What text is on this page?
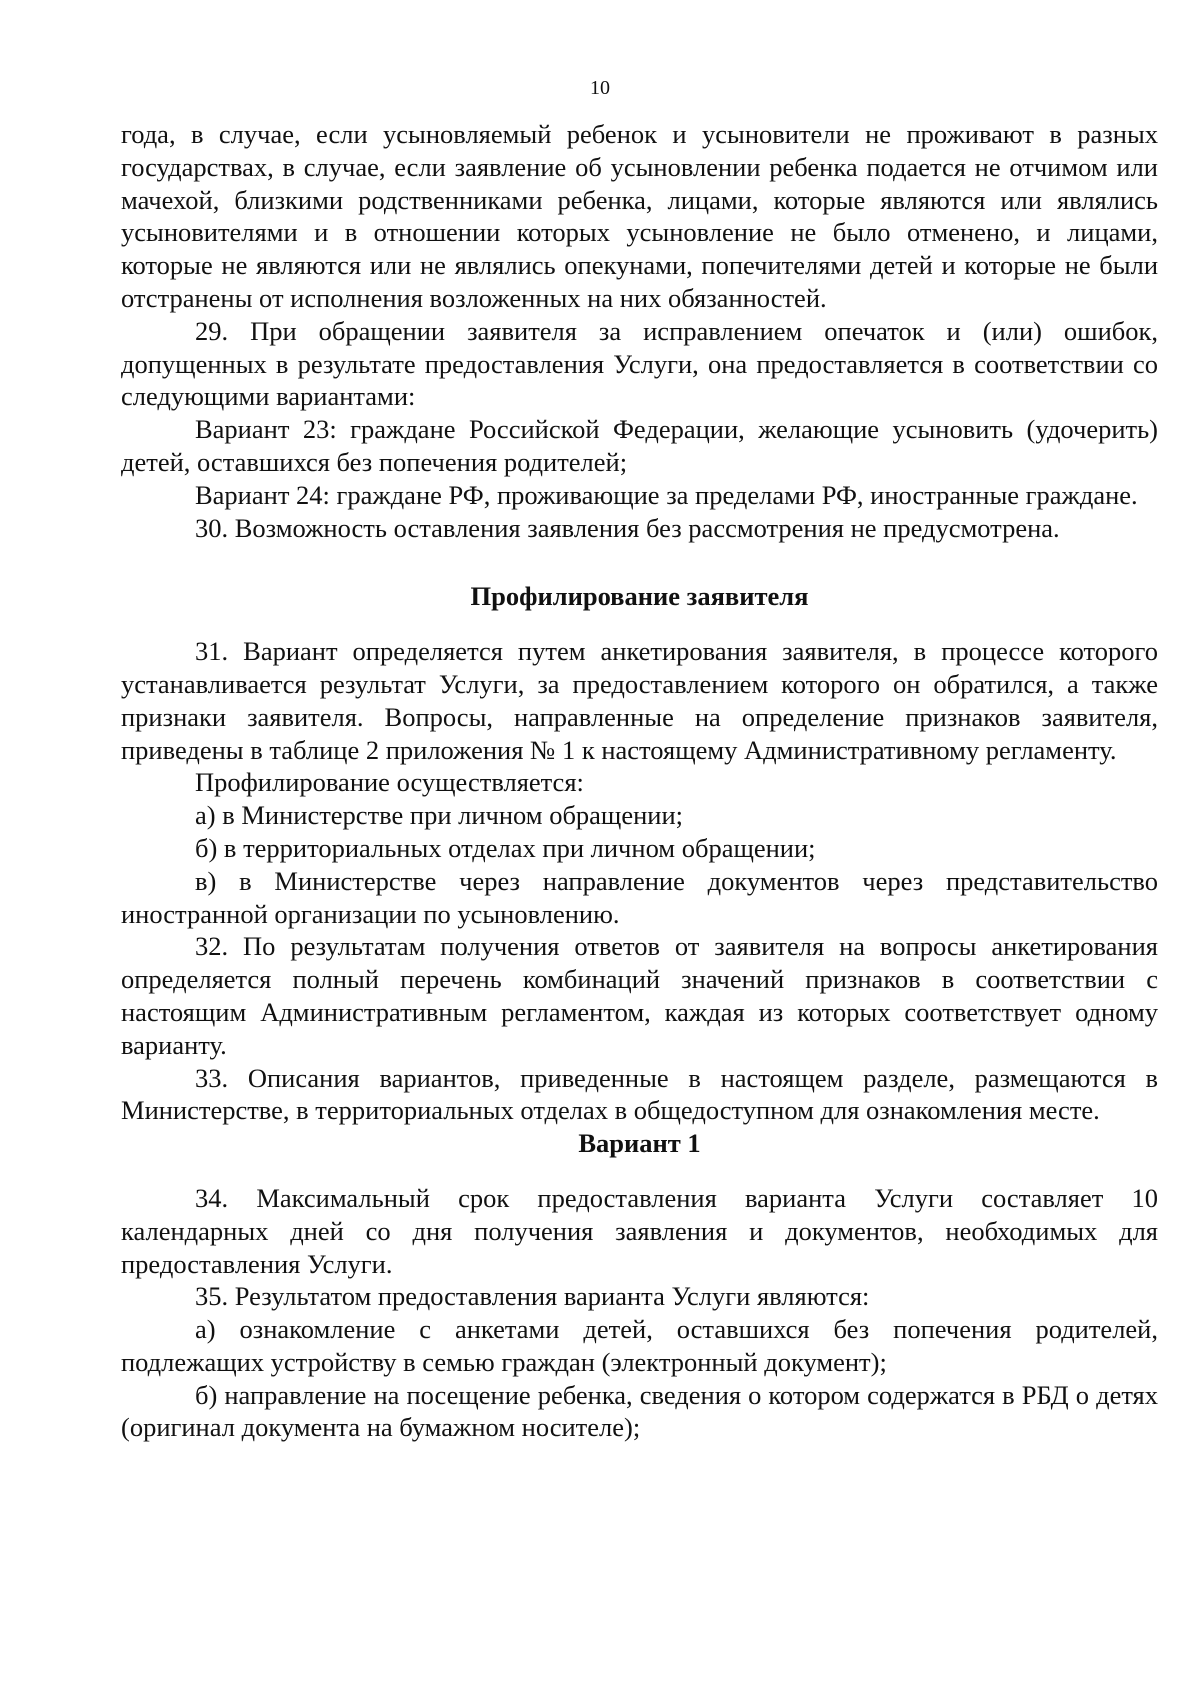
10

года, в случае, если усыновляемый ребенок и усыновители не проживают в разных государствах, в случае, если заявление об усыновлении ребенка подается не отчимом или мачехой, близкими родственниками ребенка, лицами, которые являются или являлись усыновителями и в отношении которых усыновление не было отменено, и лицами, которые не являются или не являлись опекунами, попечителями детей и которые не были отстранены от исполнения возложенных на них обязанностей.

29. При обращении заявителя за исправлением опечаток и (или) ошибок, допущенных в результате предоставления Услуги, она предоставляется в соответствии со следующими вариантами:

Вариант 23: граждане Российской Федерации, желающие усыновить (удочерить) детей, оставшихся без попечения родителей;

Вариант 24: граждане РФ, проживающие за пределами РФ, иностранные граждане.

30. Возможность оставления заявления без рассмотрения не предусмотрена.

Профилирование заявителя

31. Вариант определяется путем анкетирования заявителя, в процессе которого устанавливается результат Услуги, за предоставлением которого он обратился, а также признаки заявителя. Вопросы, направленные на определение признаков заявителя, приведены в таблице 2 приложения № 1 к настоящему Административному регламенту.

Профилирование осуществляется:

а) в Министерстве при личном обращении;

б) в территориальных отделах при личном обращении;

в) в Министерстве через направление документов через представительство иностранной организации по усыновлению.

32. По результатам получения ответов от заявителя на вопросы анкетирования определяется полный перечень комбинаций значений признаков в соответствии с настоящим Административным регламентом, каждая из которых соответствует одному варианту.

33. Описания вариантов, приведенные в настоящем разделе, размещаются в Министерстве, в территориальных отделах в общедоступном для ознакомления месте.

Вариант 1

34. Максимальный срок предоставления варианта Услуги составляет 10 календарных дней со дня получения заявления и документов, необходимых для предоставления Услуги.

35. Результатом предоставления варианта Услуги являются:

а) ознакомление с анкетами детей, оставшихся без попечения родителей, подлежащих устройству в семью граждан (электронный документ);

б) направление на посещение ребенка, сведения о котором содержатся в РБД о детях (оригинал документа на бумажном носителе);
